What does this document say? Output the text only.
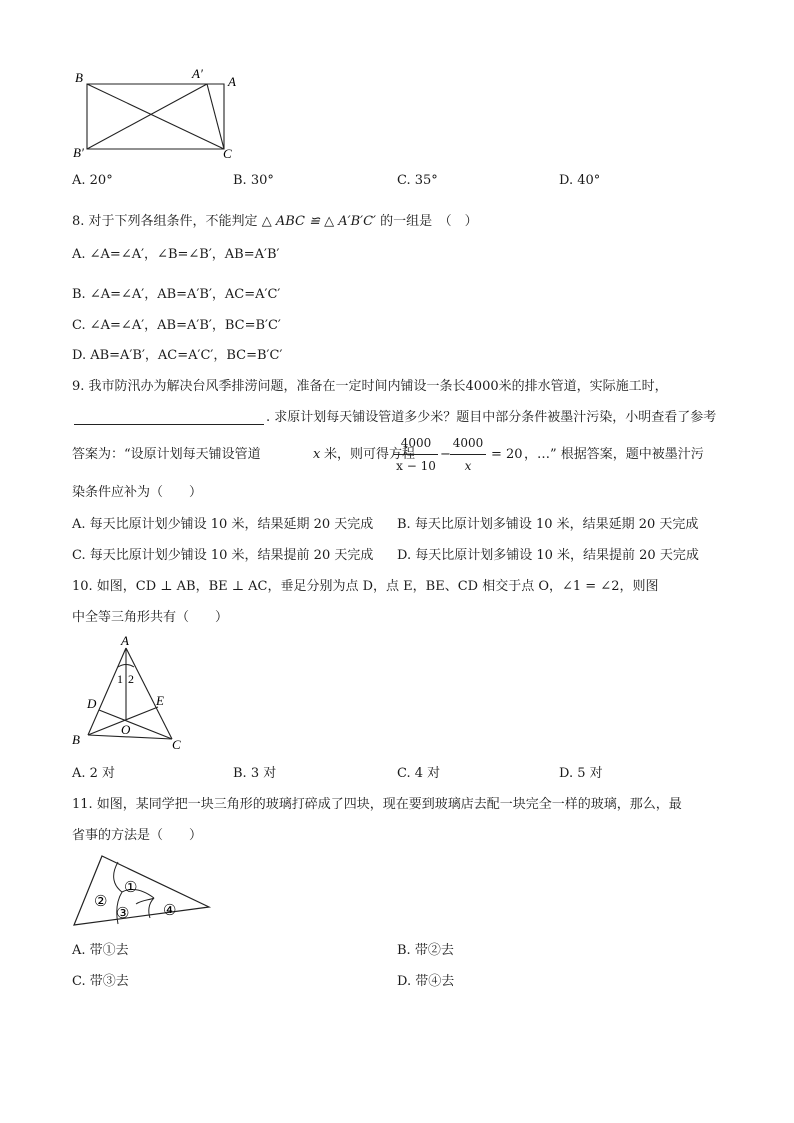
B	A′
A
B′	C
A. 20°	B. 30°	C. 35°	D. 40°
8. 对于下列各组条件，不能判定 △ ABC ≌ △ A′B′C′ 的一组是　（　）
A. ∠A=∠A′，∠B=∠B′，AB=A′B′
B. ∠A=∠A′，AB=A′B′，AC=A′C′
C. ∠A=∠A′，AB=A′B′，BC=B′C′
D. AB=A′B′，AC=A′C′，BC=B′C′
9. 我市防汛办为解决台风季排涝问题，准备在一定时间内铺设一条长4000米的排水管道，实际施工时，
. 求原计划每天铺设管道多少米？题目中部分条件被墨汁污染，小明查看了参考
答案为：“设原计划每天铺设管道	x 米，则可得方程
4000
x − 10
−
4000
x
= 20 ，…” 根据答案，题中被墨汁污
染条件应补为（　　）
A. 每天比原计划少铺设 10 米，结果延期 20 天完成 B. 每天比原计划多铺设 10 米，结果延期 20 天完成
C. 每天比原计划少铺设 10 米，结果提前 20 天完成 D. 每天比原计划多铺设 10 米，结果提前 20 天完成
10. 如图，CD ⊥ AB，BE ⊥ AC，垂足分别为点 D，点 E，BE、CD 相交于点 O，∠1 = ∠2，则图
中全等三角形共有（　　）
A
1 2
D	E
O
B	C
A. 2 对	B. 3 对	C. 4 对	D. 5 对
11. 如图，某同学把一块三角形的玻璃打碎成了四块，现在要到玻璃店去配一块完全一样的玻璃，那么，最
省事的方法是（　　）
①
②
③ ④
A. 带①去	B. 带②去
C. 带③去	D. 带④去
